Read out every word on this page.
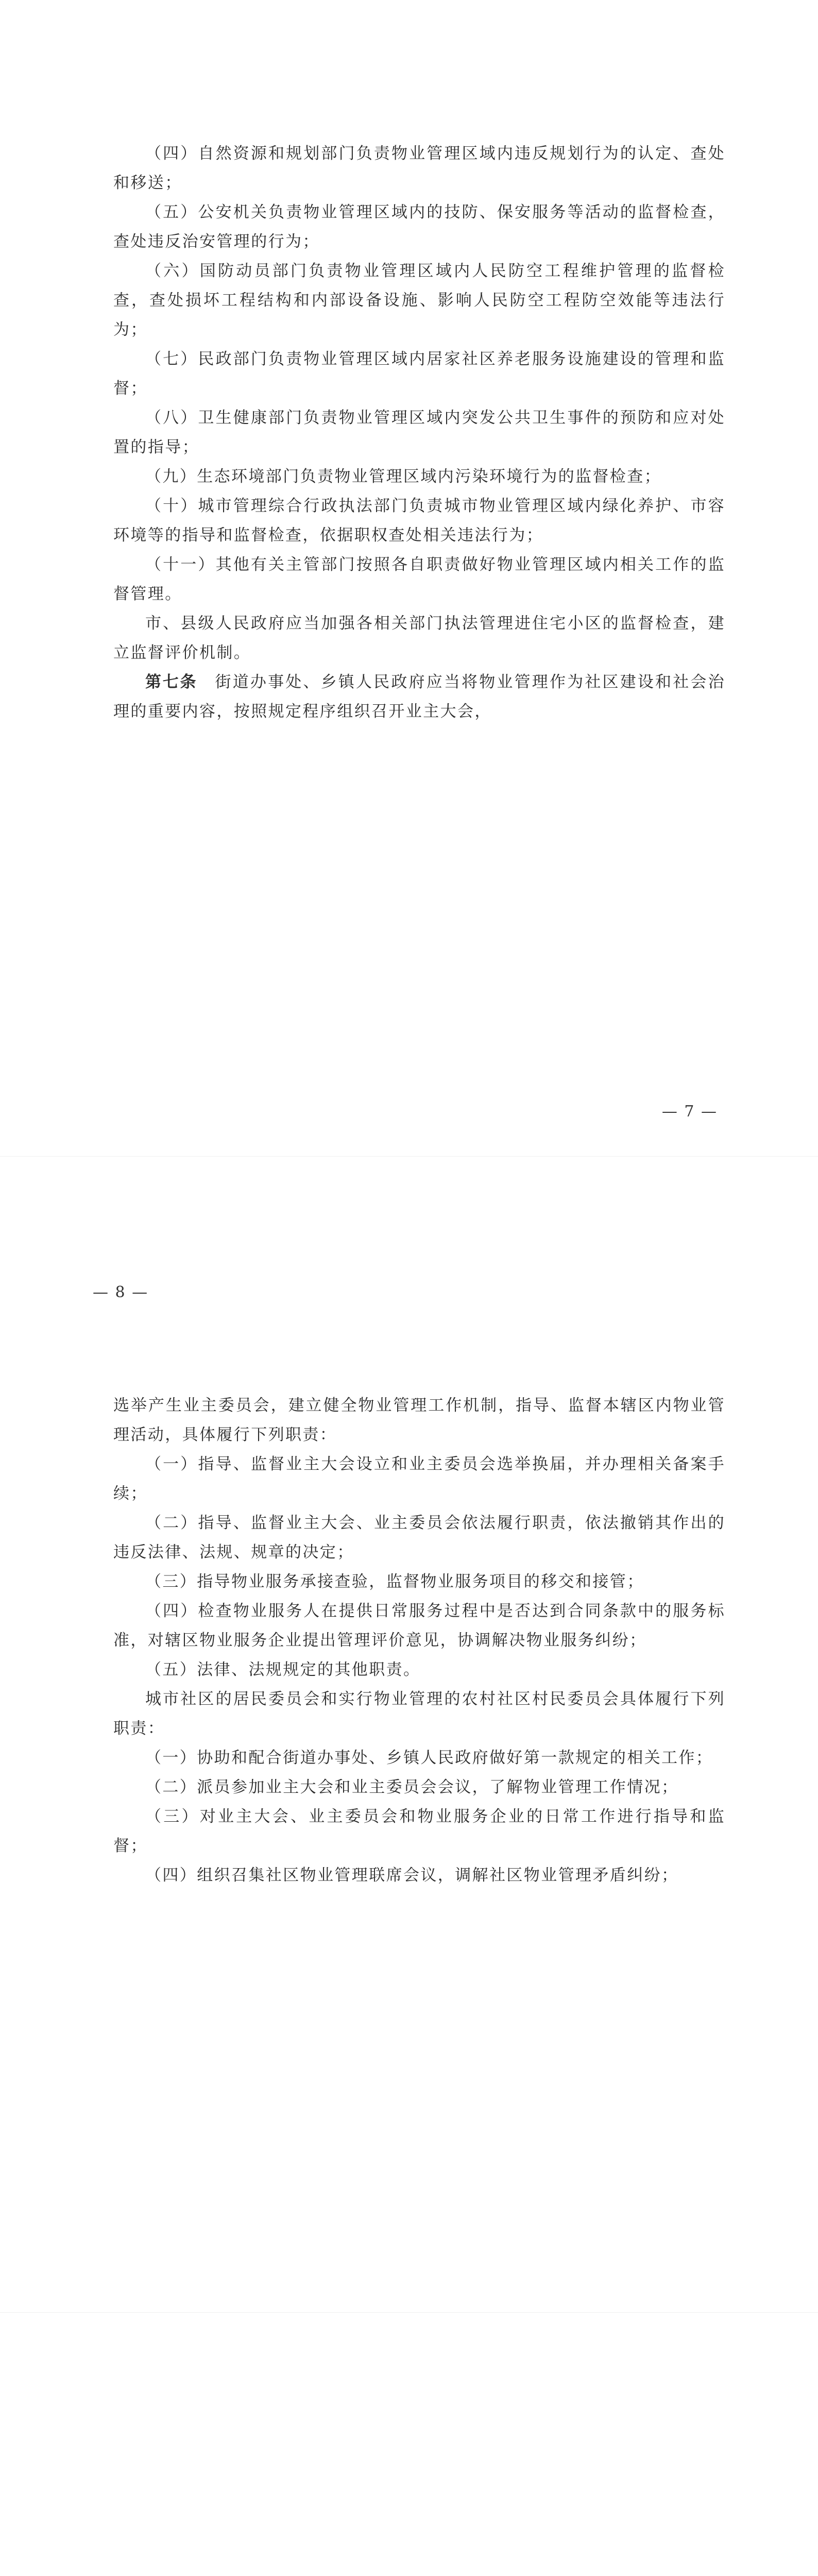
（四）自然资源和规划部门负责物业管理区域内违反规划行为的认定、查处和移送；

（五）公安机关负责物业管理区域内的技防、保安服务等活动的监督检查，查处违反治安管理的行为；

（六）国防动员部门负责物业管理区域内人民防空工程维护管理的监督检查，查处损坏工程结构和内部设备设施、影响人民防空工程防空效能等违法行为；

（七）民政部门负责物业管理区域内居家社区养老服务设施建设的管理和监督；

（八）卫生健康部门负责物业管理区域内突发公共卫生事件的预防和应对处置的指导；

（九）生态环境部门负责物业管理区域内污染环境行为的监督检查；

（十）城市管理综合行政执法部门负责城市物业管理区域内绿化养护、市容环境等的指导和监督检查，依据职权查处相关违法行为；

（十一）其他有关主管部门按照各自职责做好物业管理区域内相关工作的监督管理。

市、县级人民政府应当加强各相关部门执法管理进住宅小区的监督检查，建立监督评价机制。

第七条　街道办事处、乡镇人民政府应当将物业管理作为社区建设和社会治理的重要内容，按照规定程序组织召开业主大会，

— 7 —

选举产生业主委员会，建立健全物业管理工作机制，指导、监督本辖区内物业管理活动，具体履行下列职责：

（一）指导、监督业主大会设立和业主委员会选举换届，并办理相关备案手续；

（二）指导、监督业主大会、业主委员会依法履行职责，依法撤销其作出的违反法律、法规、规章的决定；

（三）指导物业服务承接查验，监督物业服务项目的移交和接管；

（四）检查物业服务人在提供日常服务过程中是否达到合同条款中的服务标准，对辖区物业服务企业提出管理评价意见，协调解决物业服务纠纷；

（五）法律、法规规定的其他职责。

城市社区的居民委员会和实行物业管理的农村社区村民委员会具体履行下列职责：

（一）协助和配合街道办事处、乡镇人民政府做好第一款规定的相关工作；

（二）派员参加业主大会和业主委员会会议，了解物业管理工作情况；

（三）对业主大会、业主委员会和物业服务企业的日常工作进行指导和监督；

（四）组织召集社区物业管理联席会议，调解社区物业管理矛盾纠纷；

— 8 —
